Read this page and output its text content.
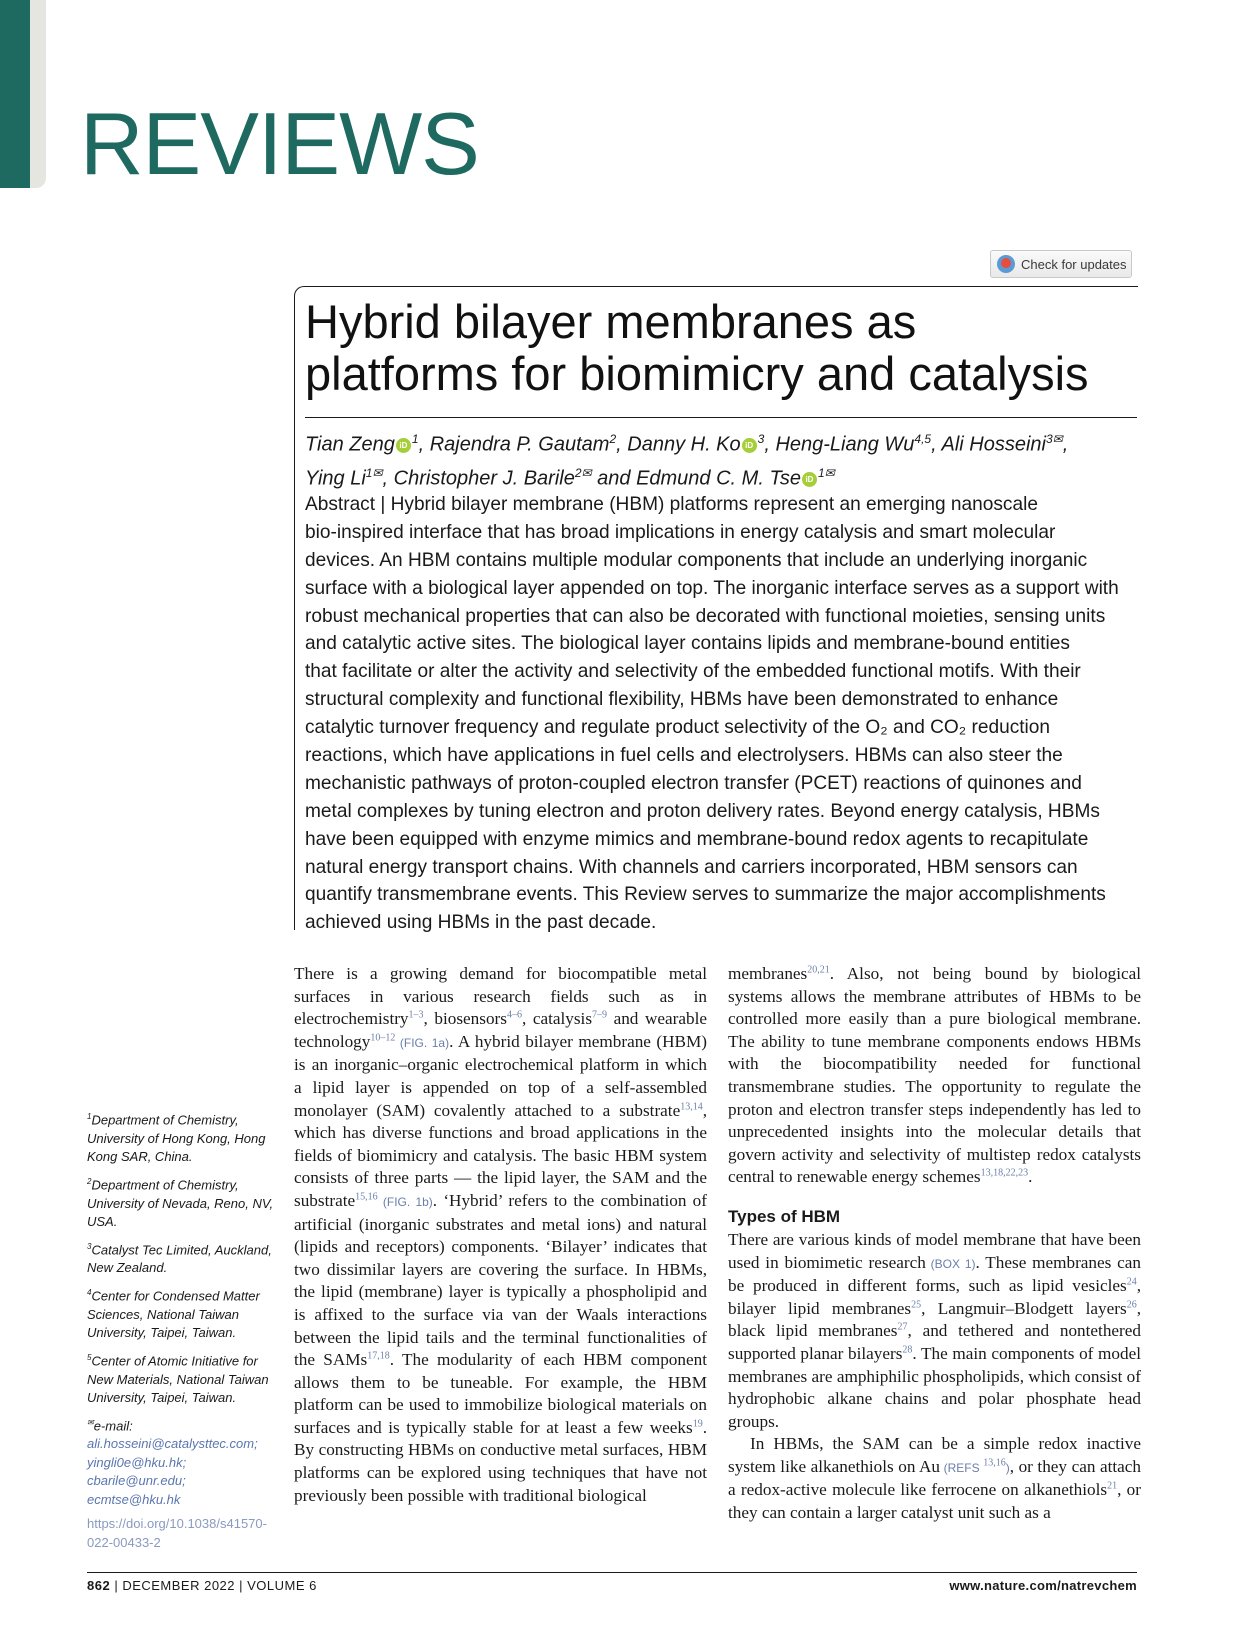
REVIEWS
Check for updates
Hybrid bilayer membranes as
platforms for biomimicry and catalysis
Tian Zeng iD $^1$, Rajendra P. Gautam$^2$, Danny H. Ko iD $^3$, Heng-Liang Wu$^{4,5}$, Ali Hosseini$^{3✉}$,
Ying $Li^{1✉}$, Christopher J. Barile$^{2✉}$ and Edmund C. M. Tse iD $^{1✉}$
Abstract | Hybrid bilayer membrane (HBM) platforms represent an emerging nanoscale
bio-inspired interface that has broad implications in energy catalysis and smart molecular
devices. An HBM contains multiple modular components that include an underlying inorganic
surface with a biological layer appended on top. The inorganic interface serves as a support with
robust mechanical properties that can also be decorated with functional moieties, sensing units
and catalytic active sites. The biological layer contains lipids and membrane-bound entities
that facilitate or alter the activity and selectivity of the embedded functional motifs. With their
structural complexity and functional flexibility, HBMs have been demonstrated to enhance
catalytic turnover frequency and regulate product selectivity of the O₂ and CO₂ reduction
reactions, which have applications in fuel cells and electrolysers. HBMs can also steer the
mechanistic pathways of proton-coupled electron transfer (PCET) reactions of quinones and
metal complexes by tuning electron and proton delivery rates. Beyond energy catalysis, HBMs
have been equipped with enzyme mimics and membrane-bound redox agents to recapitulate
natural energy transport chains. With channels and carriers incorporated, HBM sensors can
quantify transmembrane events. This Review serves to summarize the major accomplishments
achieved using HBMs in the past decade.

There is a growing demand for biocompatible metal surfaces in various research fields such as in electrochemistry$^{1-3}$, biosensors$^{4-6}$, catalysis$^{7-9}$ and wearable technology$^{10-12}$ (FIG. 1a). A hybrid bilayer membrane (HBM) is an inorganic–organic electrochemical platform in which a lipid layer is appended on top of a self-assembled monolayer (SAM) covalently attached to a substrate$^{13,14}$, which has diverse functions and broad applications in the fields of biomimicry and catalysis. The basic HBM system consists of three parts — the lipid layer, the SAM and the substrate$^{15,16}$ (FIG. 1b). ‘Hybrid’ refers to the combination of artificial (inorganic substrates and metal ions) and natural (lipids and receptors) components. ‘Bilayer’ indicates that two dissimilar layers are covering the surface. In HBMs, the lipid (membrane) layer is typically a phospholipid and is affixed to the surface via van der Waals interactions between the lipid tails and the terminal functionalities of the SAMs$^{17,18}$. The modularity of each HBM component allows them to be tuneable. For example, the HBM platform can be used to immobilize biological materials on surfaces and is typically stable for at least a few weeks$^{19}$. By constructing HBMs on conductive metal surfaces, HBM platforms can be explored using techniques that have not previously been possible with traditional biological

membranes$^{20,21}$. Also, not being bound by biological systems allows the membrane attributes of HBMs to be controlled more easily than a pure biological membrane. The ability to tune membrane components endows HBMs with the biocompatibility needed for functional transmembrane studies. The opportunity to regulate the proton and electron transfer steps independently has led to unprecedented insights into the molecular details that govern activity and selectivity of multistep redox catalysts central to renewable energy schemes$^{13,18,22,23}$.

Types of HBM

There are various kinds of model membrane that have been used in biomimetic research (BOX 1). These membranes can be produced in different forms, such as lipid vesicles$^{24}$, bilayer lipid membranes$^{25}$, Langmuir–Blodgett layers$^{26}$, black lipid membranes$^{27}$, and tethered and nontethered supported planar bilayers$^{28}$. The main components of model membranes are amphiphilic phospholipids, which consist of hydrophobic alkane chains and polar phosphate head groups.

In HBMs, the SAM can be a simple redox inactive system like alkanethiols on Au (REFS $^{13,16}$), or they can attach a redox-active molecule like ferrocene on alkanethiols$^{21}$, or they can contain a larger catalyst unit such as a

$^1$Department of Chemistry, University of Hong Kong, Hong Kong SAR, China.

$^2$Department of Chemistry, University of Nevada, Reno, NV, USA.

$^3$Catalyst Tec Limited, Auckland, New Zealand.

$^4$Center for Condensed Matter Sciences, National Taiwan University, Taipei, Taiwan.

$^5$Center of Atomic Initiative for New Materials, National Taiwan University, Taipei, Taiwan.

✉e-mail: ali.hosseini@catalysttec.com; yingli0e@hku.hk; cbarile@unr.edu; ecmtse@hku.hk

https://doi.org/10.1038/s41570-022-00433-2

862 | DECEMBER 2022 | VOLUME 6	www.nature.com/natrevchem
